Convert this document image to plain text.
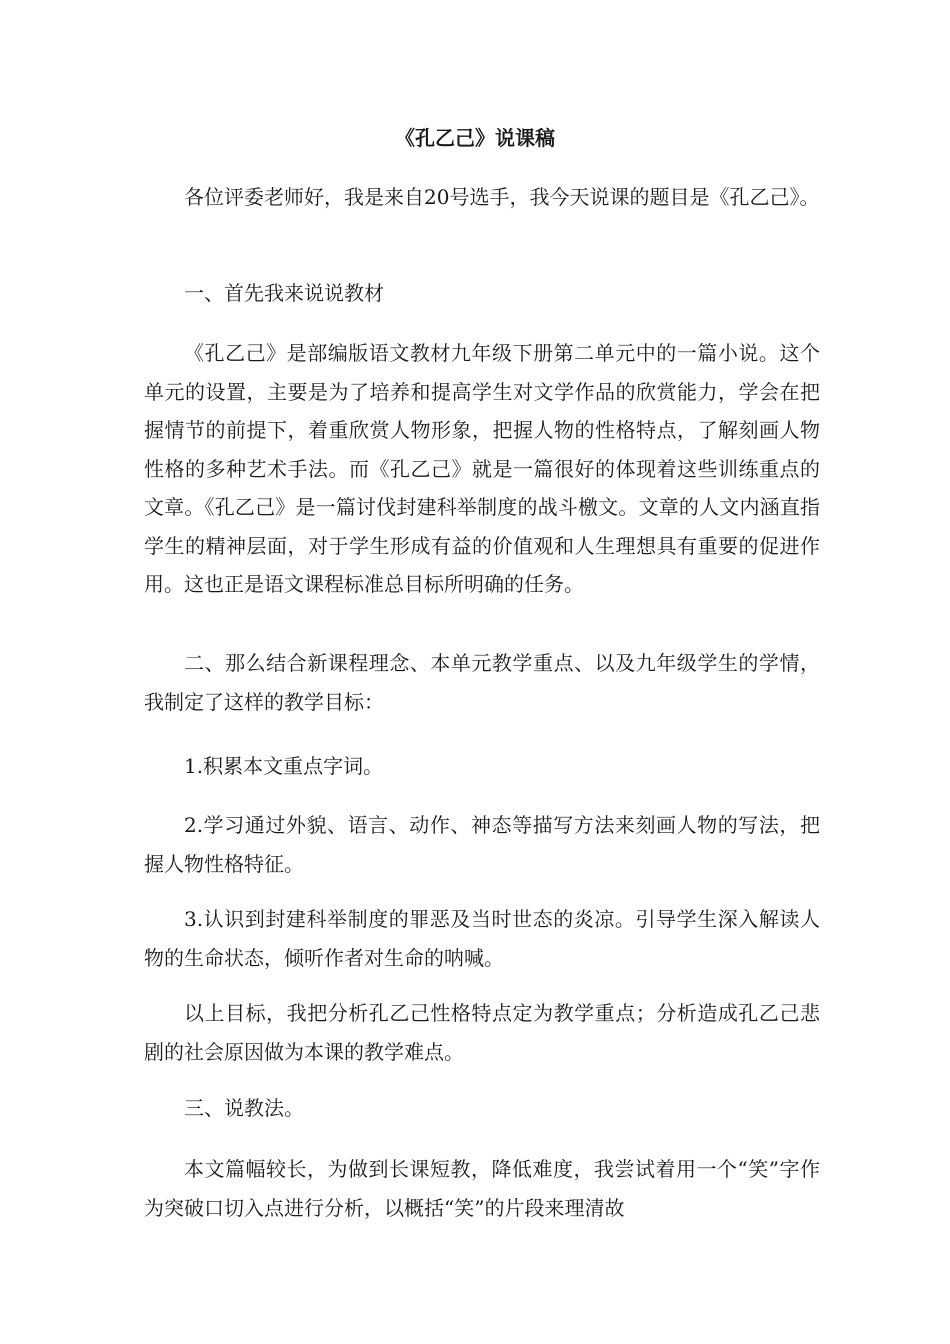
《孔乙己》说课稿

各位评委老师好，我是来自20号选手，我今天说课的题目是《孔乙己》。

一、首先我来说说教材

《孔乙己》是部编版语文教材九年级下册第二单元中的一篇小说。这个单元的设置，主要是为了培养和提高学生对文学作品的欣赏能力，学会在把握情节的前提下，着重欣赏人物形象，把握人物的性格特点，了解刻画人物性格的多种艺术手法。而《孔乙己》就是一篇很好的体现着这些训练重点的文章。《孔乙己》是一篇讨伐封建科举制度的战斗檄文。文章的人文内涵直指学生的精神层面，对于学生形成有益的价值观和人生理想具有重要的促进作用。这也正是语文课程标准总目标所明确的任务。

二、那么结合新课程理念、本单元教学重点、以及九年级学生的学情，我制定了这样的教学目标：

1.积累本文重点字词。

2.学习通过外貌、语言、动作、神态等描写方法来刻画人物的写法，把握人物性格特征。

3.认识到封建科举制度的罪恶及当时世态的炎凉。引导学生深入解读人物的生命状态，倾听作者对生命的呐喊。

以上目标，我把分析孔乙己性格特点定为教学重点；分析造成孔乙己悲剧的社会原因做为本课的教学难点。

三、说教法。

本文篇幅较长，为做到长课短教，降低难度，我尝试着用一个“笑”字作为突破口切入点进行分析，以概括“笑”的片段来理清故
